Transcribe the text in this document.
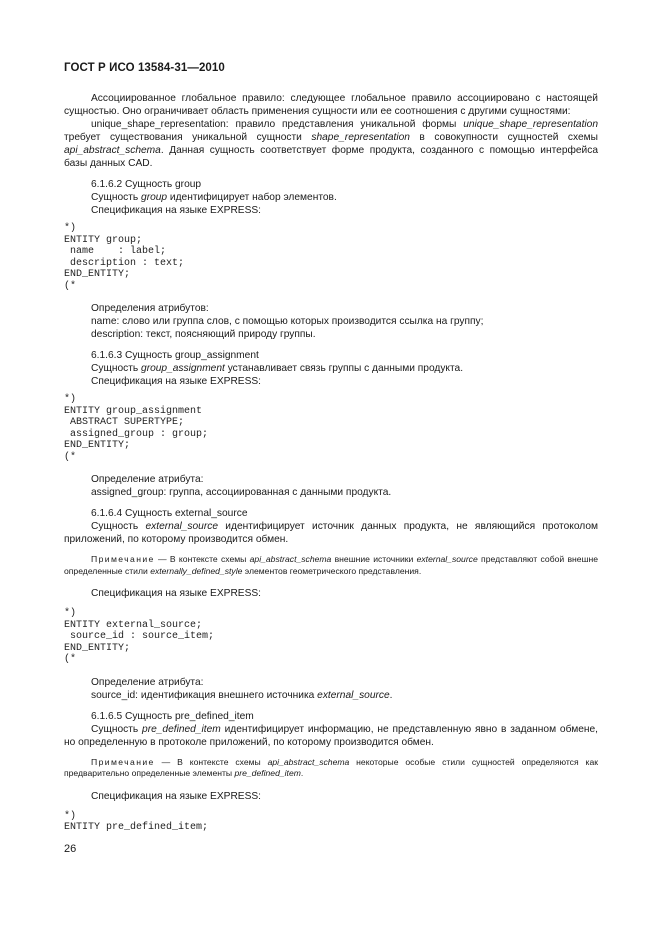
ГОСТ Р ИСО 13584-31—2010

Ассоциированное глобальное правило: следующее глобальное правило ассоциировано с настоящей сущностью. Оно ограничивает область применения сущности или ее соотношения с другими сущностями:

unique_shape_representation: правило представления уникальной формы unique_shape_representation требует существования уникальной сущности shape_representation в совокупности сущностей схемы api_abstract_schema. Данная сущность соответствует форме продукта, созданного с помощью интерфейса базы данных CAD.

6.1.6.2 Сущность group

Сущность group идентифицирует набор элементов.

Спецификация на языке EXPRESS:

*)
ENTITY group;
name    : label;
description : text;
END_ENTITY;
(*

Определения атрибутов:

name: слово или группа слов, с помощью которых производится ссылка на группу;

description: текст, поясняющий природу группы.

6.1.6.3 Сущность group_assignment

Сущность group_assignment устанавливает связь группы с данными продукта.

Спецификация на языке EXPRESS:

*)
ENTITY group_assignment
ABSTRACT SUPERTYPE;
assigned_group : group;
END_ENTITY;
(*

Определение атрибута:

assigned_group: группа, ассоциированная с данными продукта.

6.1.6.4 Сущность external_source

Сущность external_source идентифицирует источник данных продукта, не являющийся протоколом приложений, по которому производится обмен.

Примечание — В контексте схемы api_abstract_schema внешние источники external_source представляют собой внешне определенные стили externally_defined_style элементов геометрического представления.

Спецификация на языке EXPRESS:

*)
ENTITY external_source;
source_id : source_item;
END_ENTITY;
(*

Определение атрибута:

source_id: идентификация внешнего источника external_source.

6.1.6.5 Сущность pre_defined_item

Сущность pre_defined_item идентифицирует информацию, не представленную явно в заданном обмене, но определенную в протоколе приложений, по которому производится обмен.

Примечание — В контексте схемы api_abstract_schema некоторые особые стили сущностей определяются как предварительно определенные элементы pre_defined_item.

Спецификация на языке EXPRESS:

*)
ENTITY pre_defined_item;
26
